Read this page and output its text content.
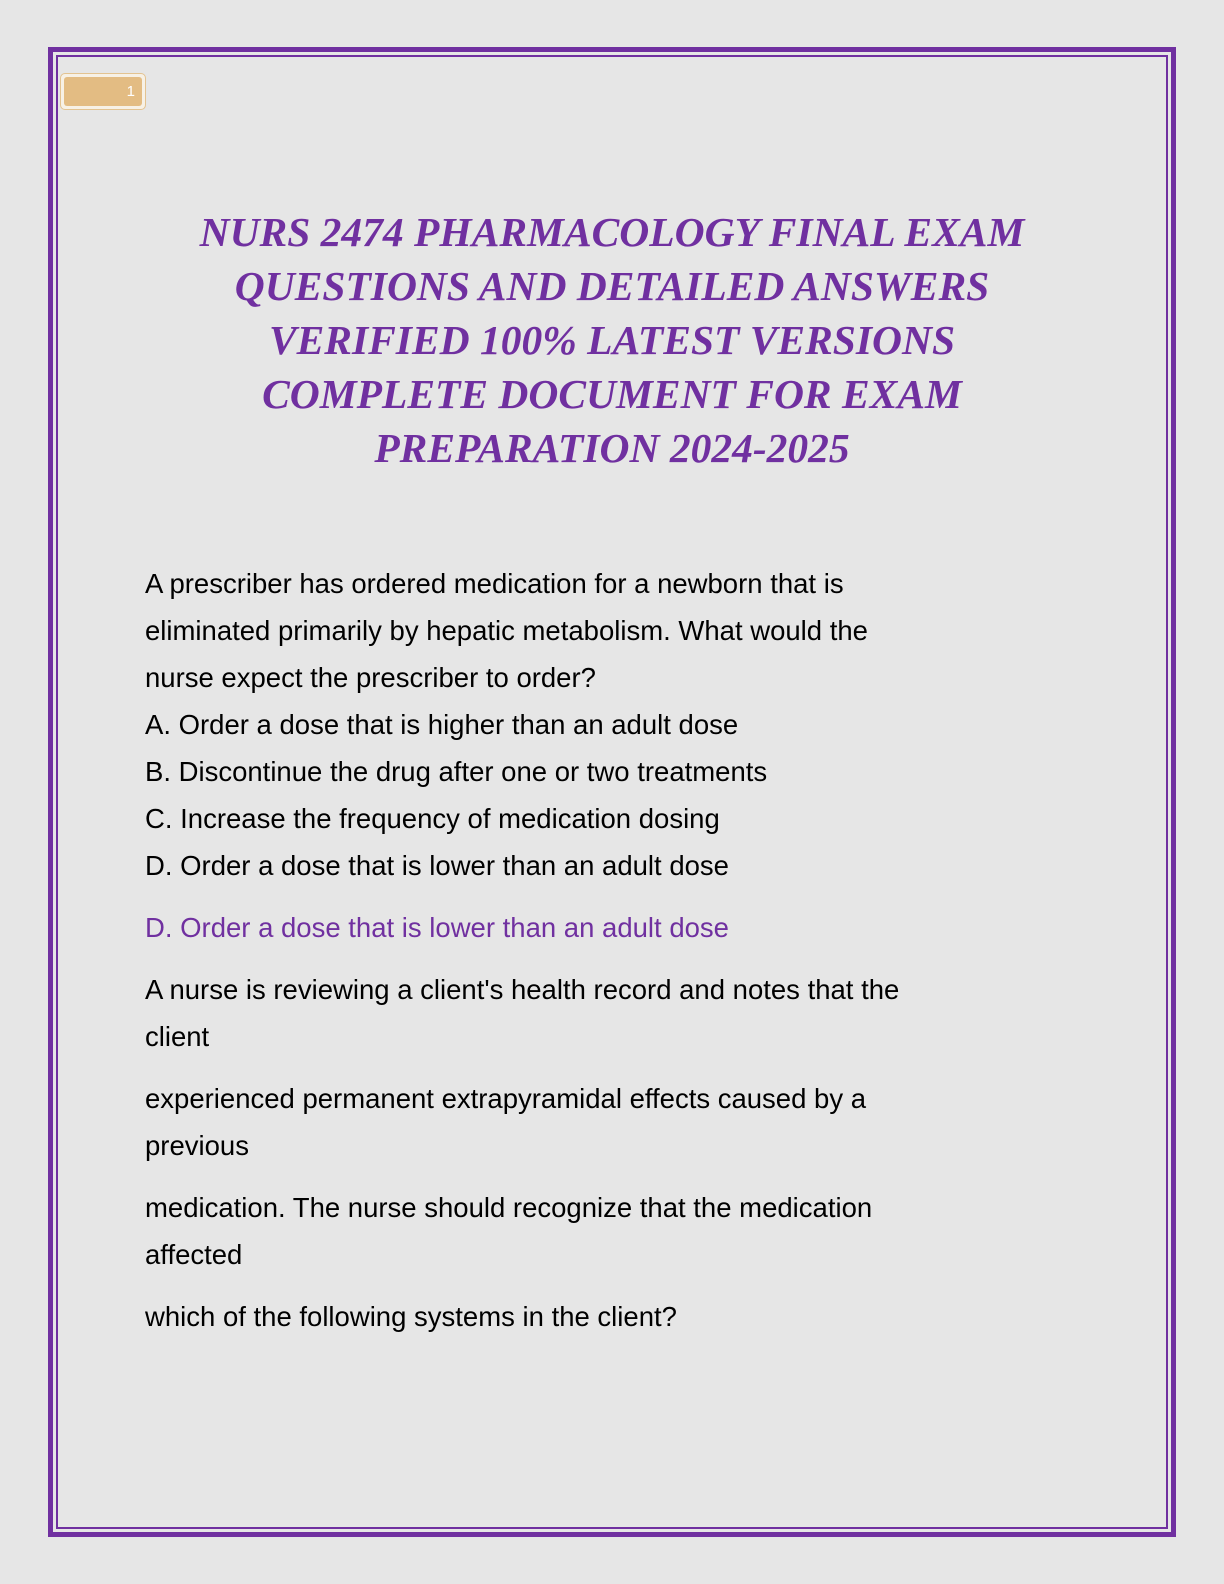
1
NURS 2474 PHARMACOLOGY FINAL EXAM
QUESTIONS AND DETAILED ANSWERS
VERIFIED 100% LATEST VERSIONS
COMPLETE DOCUMENT FOR EXAM
PREPARATION 2024-2025
A prescriber has ordered medication for a newborn that is
eliminated primarily by hepatic metabolism. What would the
nurse expect the prescriber to order?
A. Order a dose that is higher than an adult dose
B. Discontinue the drug after one or two treatments
C. Increase the frequency of medication dosing
D. Order a dose that is lower than an adult dose
D. Order a dose that is lower than an adult dose
A nurse is reviewing a client's health record and notes that the
client
experienced permanent extrapyramidal effects caused by a
previous
medication. The nurse should recognize that the medication
affected
which of the following systems in the client?
